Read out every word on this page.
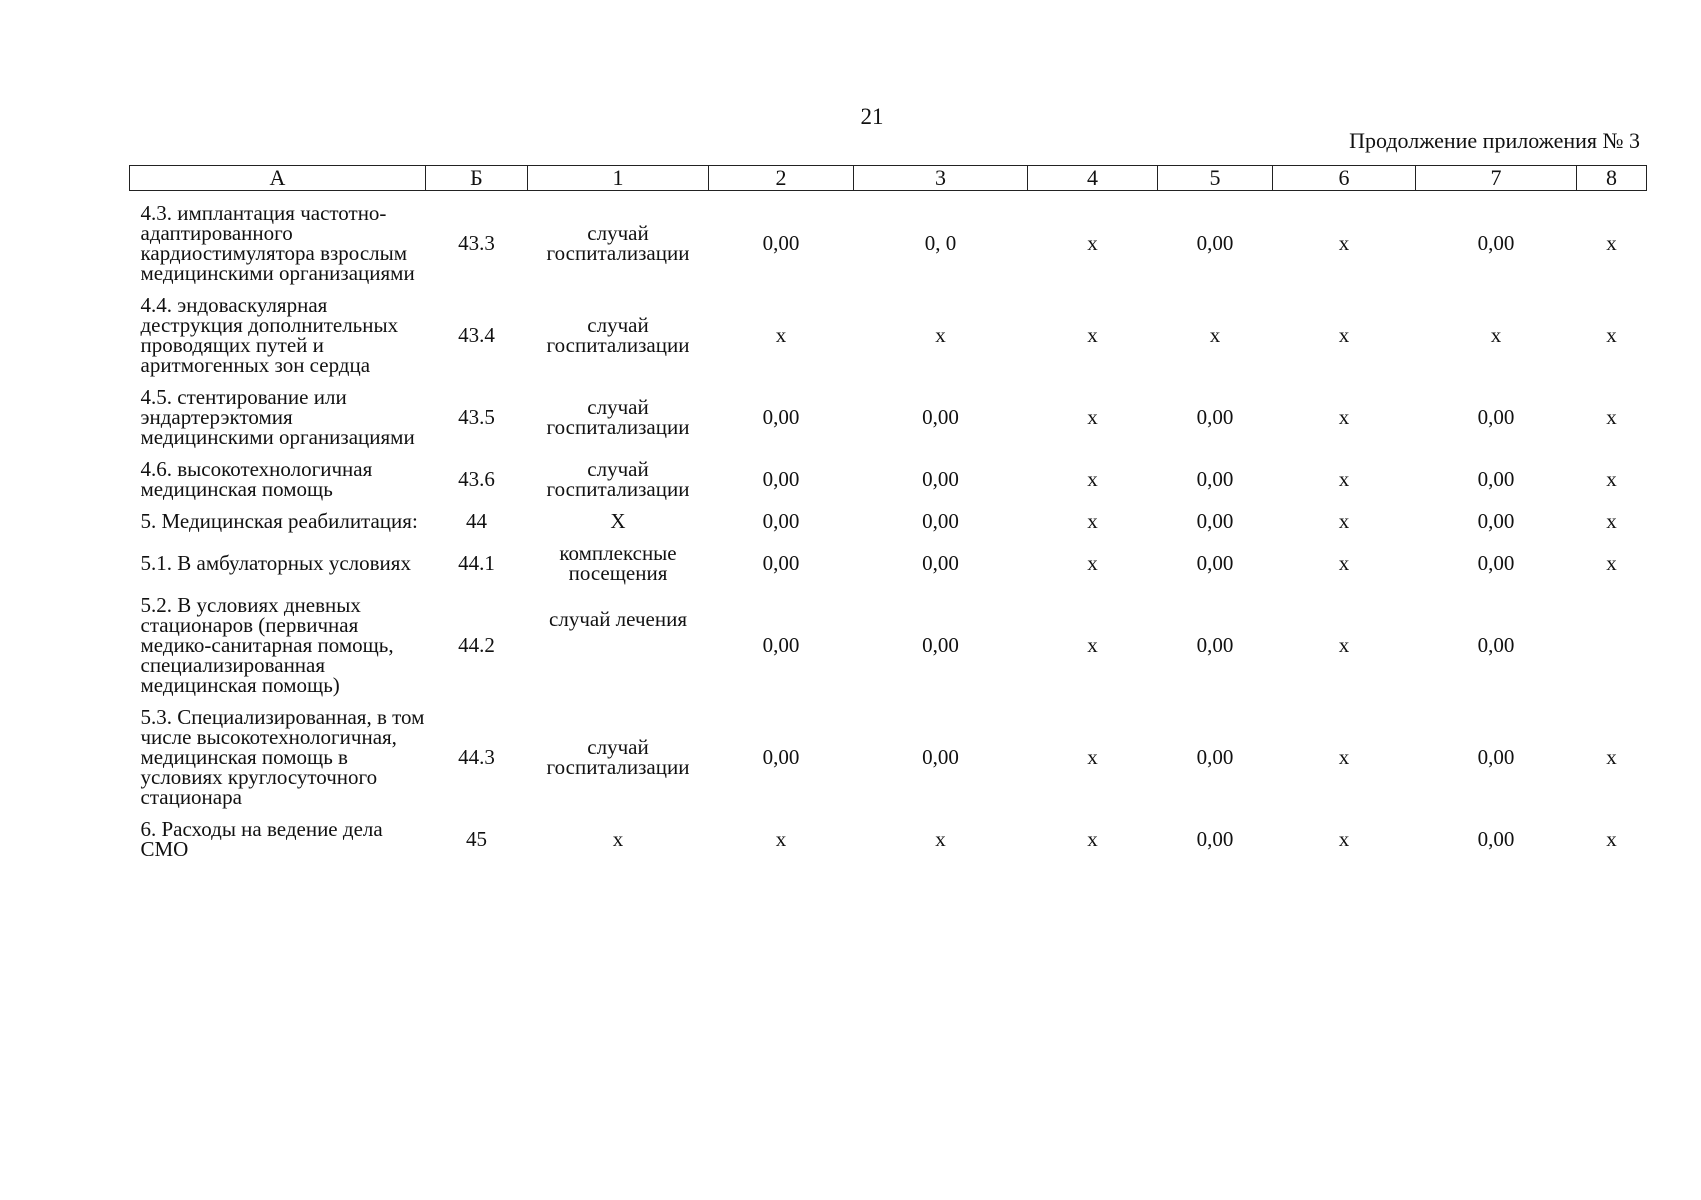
21
Продолжение приложения № 3
А	Б	1	2	3	4	5	6	7	8
4.3. имплантация частотно-адаптированного кардиостимулятора взрослым медицинскими организациями	43.3	случай госпитализации	0,00	0, 0	х	0,00	х	0,00	х
4.4. эндоваскулярная деструкция дополнительных проводящих путей и аритмогенных зон сердца	43.4	случай госпитализации	х	х	х	х	х	х	х
4.5. стентирование или эндартерэктомия медицинскими организациями	43.5	случай госпитализации	0,00	0,00	х	0,00	х	0,00	х
4.6. высокотехнологичная медицинская помощь	43.6	случай госпитализации	0,00	0,00	х	0,00	х	0,00	х
5. Медицинская реабилитация:	44	Х	0,00	0,00	х	0,00	х	0,00	х
5.1. В амбулаторных условиях	44.1	комплексные посещения	0,00	0,00	х	0,00	х	0,00	х
5.2. В условиях дневных стационаров (первичная медико-санитарная помощь, специализированная медицинская помощь)	44.2	случай лечения	0,00	0,00	х	0,00	х	0,00	
5.3. Специализированная, в том числе высокотехнологичная, медицинская помощь в условиях круглосуточного стационара	44.3	случай госпитализации	0,00	0,00	х	0,00	х	0,00	х
6. Расходы на ведение дела СМО	45	х	х	х	х	0,00	х	0,00	х
